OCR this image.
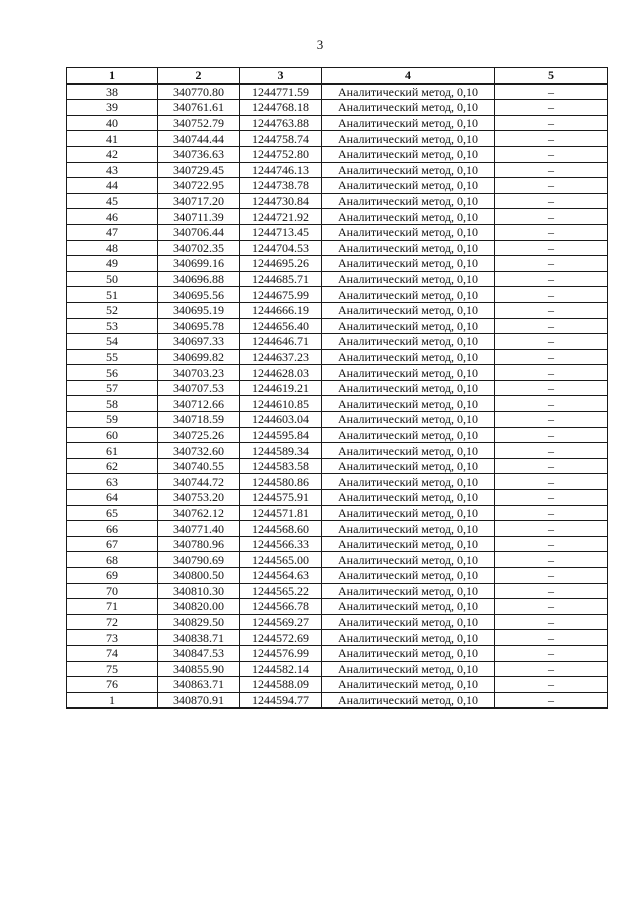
3
1	2	3	4	5
38	340770.80	1244771.59	Аналитический метод, 0,10	–
39	340761.61	1244768.18	Аналитический метод, 0,10	–
40	340752.79	1244763.88	Аналитический метод, 0,10	–
41	340744.44	1244758.74	Аналитический метод, 0,10	–
42	340736.63	1244752.80	Аналитический метод, 0,10	–
43	340729.45	1244746.13	Аналитический метод, 0,10	–
44	340722.95	1244738.78	Аналитический метод, 0,10	–
45	340717.20	1244730.84	Аналитический метод, 0,10	–
46	340711.39	1244721.92	Аналитический метод, 0,10	–
47	340706.44	1244713.45	Аналитический метод, 0,10	–
48	340702.35	1244704.53	Аналитический метод, 0,10	–
49	340699.16	1244695.26	Аналитический метод, 0,10	–
50	340696.88	1244685.71	Аналитический метод, 0,10	–
51	340695.56	1244675.99	Аналитический метод, 0,10	–
52	340695.19	1244666.19	Аналитический метод, 0,10	–
53	340695.78	1244656.40	Аналитический метод, 0,10	–
54	340697.33	1244646.71	Аналитический метод, 0,10	–
55	340699.82	1244637.23	Аналитический метод, 0,10	–
56	340703.23	1244628.03	Аналитический метод, 0,10	–
57	340707.53	1244619.21	Аналитический метод, 0,10	–
58	340712.66	1244610.85	Аналитический метод, 0,10	–
59	340718.59	1244603.04	Аналитический метод, 0,10	–
60	340725.26	1244595.84	Аналитический метод, 0,10	–
61	340732.60	1244589.34	Аналитический метод, 0,10	–
62	340740.55	1244583.58	Аналитический метод, 0,10	–
63	340744.72	1244580.86	Аналитический метод, 0,10	–
64	340753.20	1244575.91	Аналитический метод, 0,10	–
65	340762.12	1244571.81	Аналитический метод, 0,10	–
66	340771.40	1244568.60	Аналитический метод, 0,10	–
67	340780.96	1244566.33	Аналитический метод, 0,10	–
68	340790.69	1244565.00	Аналитический метод, 0,10	–
69	340800.50	1244564.63	Аналитический метод, 0,10	–
70	340810.30	1244565.22	Аналитический метод, 0,10	–
71	340820.00	1244566.78	Аналитический метод, 0,10	–
72	340829.50	1244569.27	Аналитический метод, 0,10	–
73	340838.71	1244572.69	Аналитический метод, 0,10	–
74	340847.53	1244576.99	Аналитический метод, 0,10	–
75	340855.90	1244582.14	Аналитический метод, 0,10	–
76	340863.71	1244588.09	Аналитический метод, 0,10	–
1	340870.91	1244594.77	Аналитический метод, 0,10	–
